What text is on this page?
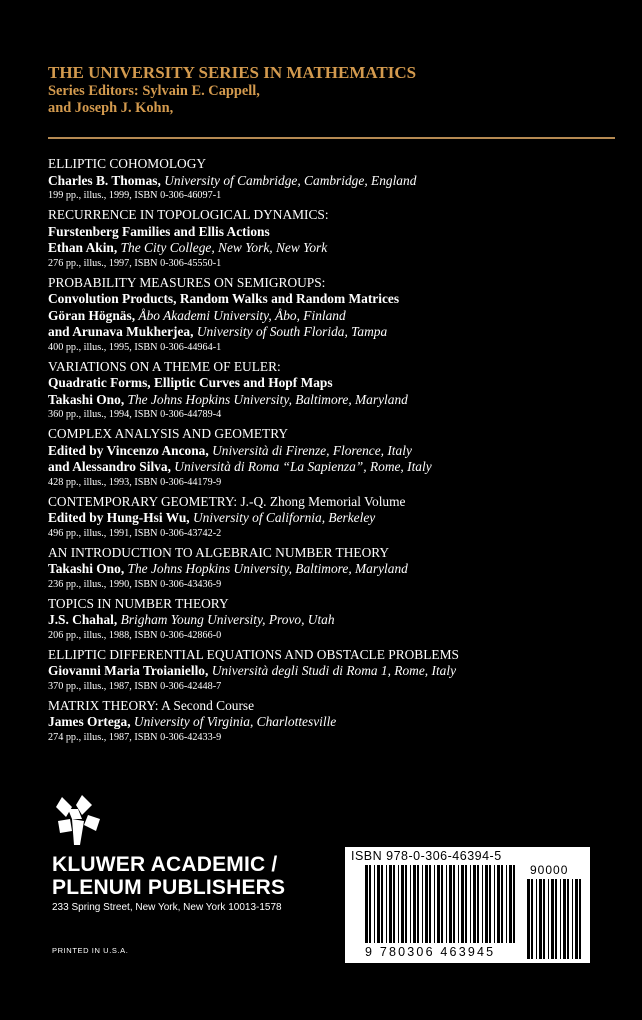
THE UNIVERSITY SERIES IN MATHEMATICS
Series Editors: Sylvain E. Cappell,
and Joseph J. Kohn,
ELLIPTIC COHOMOLOGY
Charles B. Thomas, University of Cambridge, Cambridge, England
199 pp., illus., 1999, ISBN 0-306-46097-1
RECURRENCE IN TOPOLOGICAL DYNAMICS:
Furstenberg Families and Ellis Actions
Ethan Akin, The City College, New York, New York
276 pp., illus., 1997, ISBN 0-306-45550-1
PROBABILITY MEASURES ON SEMIGROUPS:
Convolution Products, Random Walks and Random Matrices
Göran Högnäs, Åbo Akademi University, Åbo, Finland
and Arunava Mukherjea, University of South Florida, Tampa
400 pp., illus., 1995, ISBN 0-306-44964-1
VARIATIONS ON A THEME OF EULER:
Quadratic Forms, Elliptic Curves and Hopf Maps
Takashi Ono, The Johns Hopkins University, Baltimore, Maryland
360 pp., illus., 1994, ISBN 0-306-44789-4
COMPLEX ANALYSIS AND GEOMETRY
Edited by Vincenzo Ancona, Università di Firenze, Florence, Italy
and Alessandro Silva, Università di Roma “La Sapienza”, Rome, Italy
428 pp., illus., 1993, ISBN 0-306-44179-9
CONTEMPORARY GEOMETRY: J.-Q. Zhong Memorial Volume
Edited by Hung-Hsi Wu, University of California, Berkeley
496 pp., illus., 1991, ISBN 0-306-43742-2
AN INTRODUCTION TO ALGEBRAIC NUMBER THEORY
Takashi Ono, The Johns Hopkins University, Baltimore, Maryland
236 pp., illus., 1990, ISBN 0-306-43436-9
TOPICS IN NUMBER THEORY
J.S. Chahal, Brigham Young University, Provo, Utah
206 pp., illus., 1988, ISBN 0-306-42866-0
ELLIPTIC DIFFERENTIAL EQUATIONS AND OBSTACLE PROBLEMS
Giovanni Maria Troianiello, Università degli Studi di Roma 1, Rome, Italy
370 pp., illus., 1987, ISBN 0-306-42448-7
MATRIX THEORY: A Second Course
James Ortega, University of Virginia, Charlottesville
274 pp., illus., 1987, ISBN 0-306-42433-9
KLUWER ACADEMIC /
PLENUM PUBLISHERS
233 Spring Street, New York, New York 10013-1578
PRINTED IN U.S.A.
ISBN 978-0-306-46394-5
90000
9 780306 463945
